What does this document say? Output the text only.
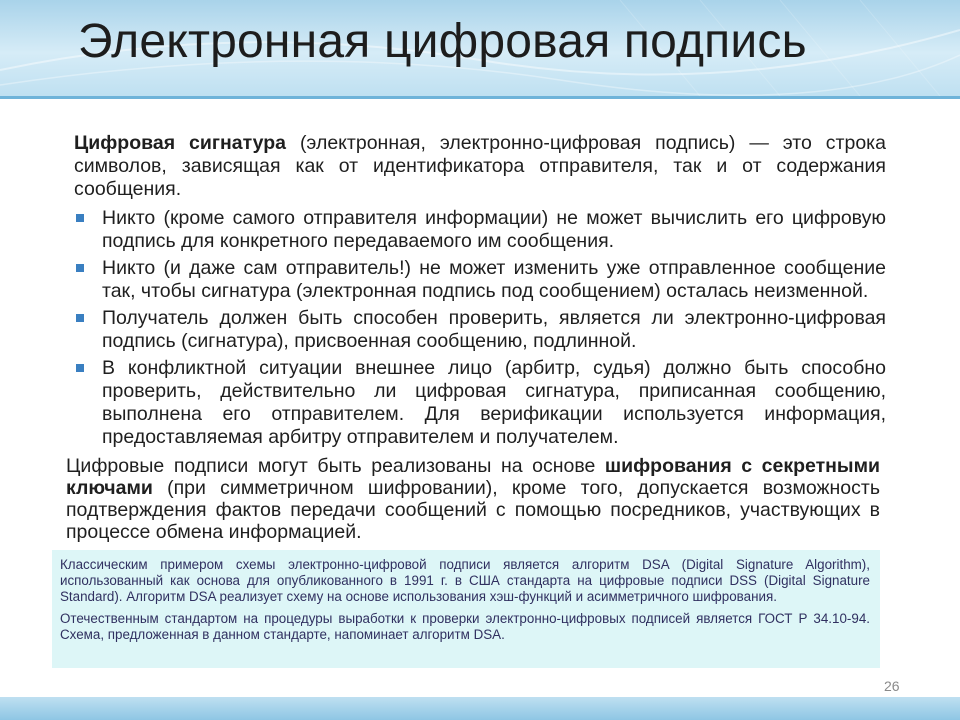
Электронная цифровая подпись

Цифровая сигнатура (электронная, электронно-цифровая подпись) — это строка символов, зависящая как от идентификатора отправителя, так и от содержания сообщения.

Никто (кроме самого отправителя информации) не может вычислить его цифровую подпись для конкретного передаваемого им сообщения.
Никто (и даже сам отправитель!) не может изменить уже отправленное сообщение так, чтобы сигнатура (электронная подпись под сообщением) осталась неизменной.
Получатель должен быть способен проверить, является ли электронно-цифровая подпись (сигнатура), присвоенная сообщению, подлинной.
В конфликтной ситуации внешнее лицо (арбитр, судья) должно быть способно проверить, действительно ли цифровая сигнатура, приписанная сообщению, выполнена его отправителем. Для верификации используется информация, предоставляемая арбитру отправителем и получателем.

Цифровые подписи могут быть реализованы на основе шифрования с секретными ключами (при симметричном шифровании), кроме того, допускается возможность подтверждения фактов передачи сообщений с помощью посредников, участвующих в процессе обмена информацией.

Классическим примером схемы электронно-цифровой подписи является алгоритм DSA (Digital Signature Algorithm), использованный как основа для опубликованного в 1991 г. в США стандарта на цифровые подписи DSS (Digital Signature Standard). Алгоритм DSA реализует схему на основе использования хэш-функций и асимметричного шифрования.

Отечественным стандартом на процедуры выработки к проверки электронно-цифровых подписей является ГОСТ Р 34.10-94. Схема, предложенная в данном стандарте, напоминает алгоритм DSA.

26
